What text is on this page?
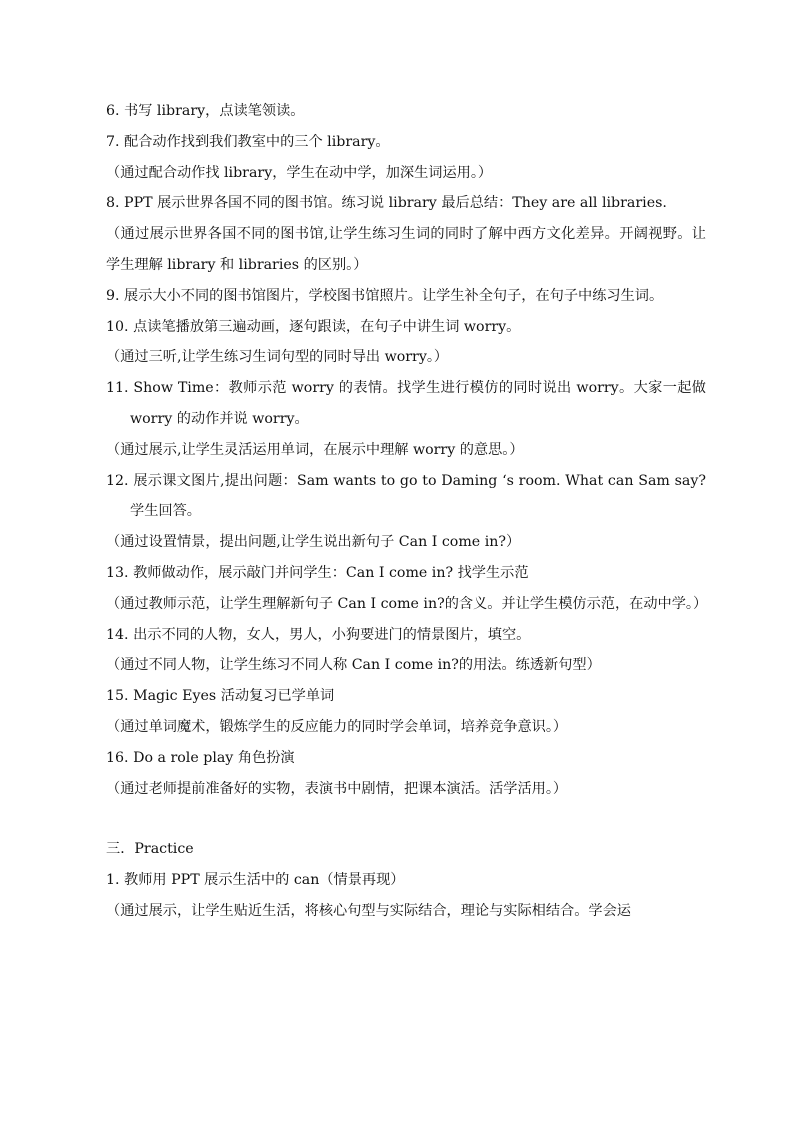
6. 书写 library，点读笔领读。

7. 配合动作找到我们教室中的三个 library。

（通过配合动作找 library，学生在动中学，加深生词运用。）

8. PPT 展示世界各国不同的图书馆。练习说 library 最后总结：They are all libraries.

（通过展示世界各国不同的图书馆,让学生练习生词的同时了解中西方文化差异。开阔视野。让学生理解 library 和 libraries 的区别。）

9. 展示大小不同的图书馆图片，学校图书馆照片。让学生补全句子，在句子中练习生词。

10. 点读笔播放第三遍动画，逐句跟读，在句子中讲生词 worry。

（通过三听,让学生练习生词句型的同时导出 worry。）

11. Show Time：教师示范 worry 的表情。找学生进行模仿的同时说出 worry。大家一起做 worry 的动作并说 worry。

（通过展示,让学生灵活运用单词，在展示中理解 worry 的意思。）

12. 展示课文图片,提出问题：Sam wants to go to Daming ‘s room. What can Sam say? 学生回答。

（通过设置情景，提出问题,让学生说出新句子 Can I come in?）

13. 教师做动作，展示敲门并问学生：Can I come in? 找学生示范

（通过教师示范，让学生理解新句子 Can I come in?的含义。并让学生模仿示范，在动中学。）

14. 出示不同的人物，女人，男人，小狗要进门的情景图片，填空。

（通过不同人物，让学生练习不同人称 Can I come in?的用法。练透新句型）

15. Magic Eyes 活动复习已学单词

（通过单词魔术，锻炼学生的反应能力的同时学会单词，培养竞争意识。）

16. Do a role play 角色扮演

（通过老师提前准备好的实物，表演书中剧情，把课本演活。活学活用。）

三．Practice

1. 教师用 PPT 展示生活中的 can（情景再现）

（通过展示，让学生贴近生活，将核心句型与实际结合，理论与实际相结合。学会运
